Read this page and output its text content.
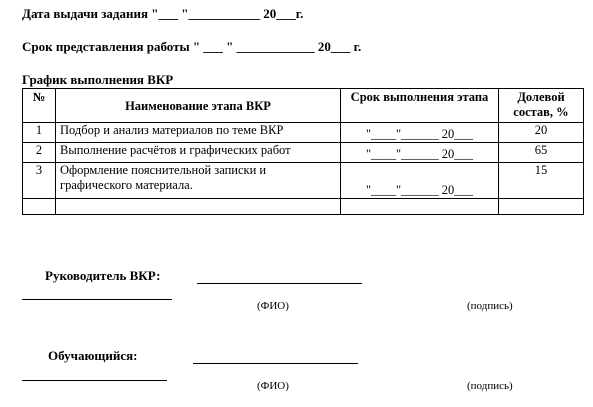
Дата выдачи задания "___ "___________ 20___г.
Срок представления работы " ___ " ____________ 20___ г.
График выполнения ВКР
№	Наименование этапа ВКР	Срок выполнения этапа	Долевой состав, %
1	Подбор и анализ материалов по теме ВКР	"____"______ 20___	20
2	Выполнение расчётов и графических работ	"____"______ 20___	65
3	Оформление пояснительной записки и графического материала.	"____"______ 20___	15

Руководитель ВКР:
(ФИО)	(подпись)
Обучающийся:
(ФИО)	(подпись)
